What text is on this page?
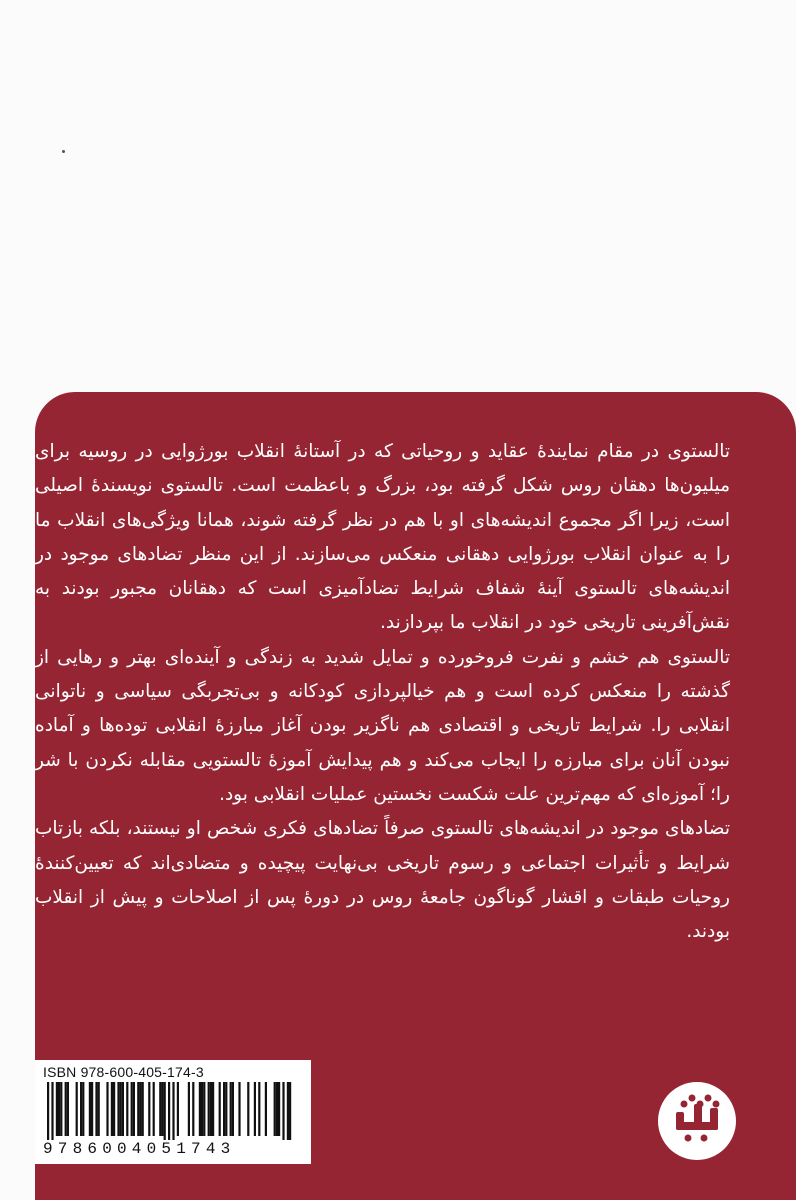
تالستوی در مقام نمایندهٔ عقاید و روحیاتی که در آستانهٔ انقلاب بورژوایی در روسیه برای میلیون‌ها دهقان روس شکل گرفته بود، بزرگ و باعظمت است. تالستوی نویسندهٔ اصیلی است، زیرا اگر مجموع اندیشه‌های او با هم در نظر گرفته شوند، همانا ویژگی‌های انقلاب ما را به عنوان انقلاب بورژوایی دهقانی منعکس می‌سازند. از این منظر تضادهای موجود در اندیشه‌های تالستوی آینهٔ شفاف شرایط تضادآمیزی است که دهقانان مجبور بودند به نقش‌آفرینی تاریخی خود در انقلاب ما بپردازند.

تالستوی هم خشم و نفرت فروخورده و تمایل شدید به زندگی و آینده‌ای بهتر و رهایی از گذشته را منعکس کرده است و هم خیالپردازی کودکانه و بی‌تجربگی سیاسی و ناتوانی انقلابی را. شرایط تاریخی و اقتصادی هم ناگزیر بودن آغاز مبارزهٔ انقلابی توده‌ها و آماده نبودن آنان برای مبارزه را ایجاب می‌کند و هم پیدایش آموزهٔ تالستویی مقابله نکردن با شر را؛ آموزه‌ای که مهم‌ترین علت شکست نخستین عملیات انقلابی بود.

تضادهای موجود در اندیشه‌های تالستوی صرفاً تضادهای فکری شخص او نیستند، بلکه بازتاب شرایط و تأثیرات اجتماعی و رسوم تاریخی بی‌نهایت پیچیده و متضادی‌اند که تعیین‌کنندهٔ روحیات طبقات و اقشار گوناگون جامعهٔ روس در دورهٔ پس از اصلاحات و پیش از انقلاب بودند.

ISBN 978-600-405-174-3
9786004051743
